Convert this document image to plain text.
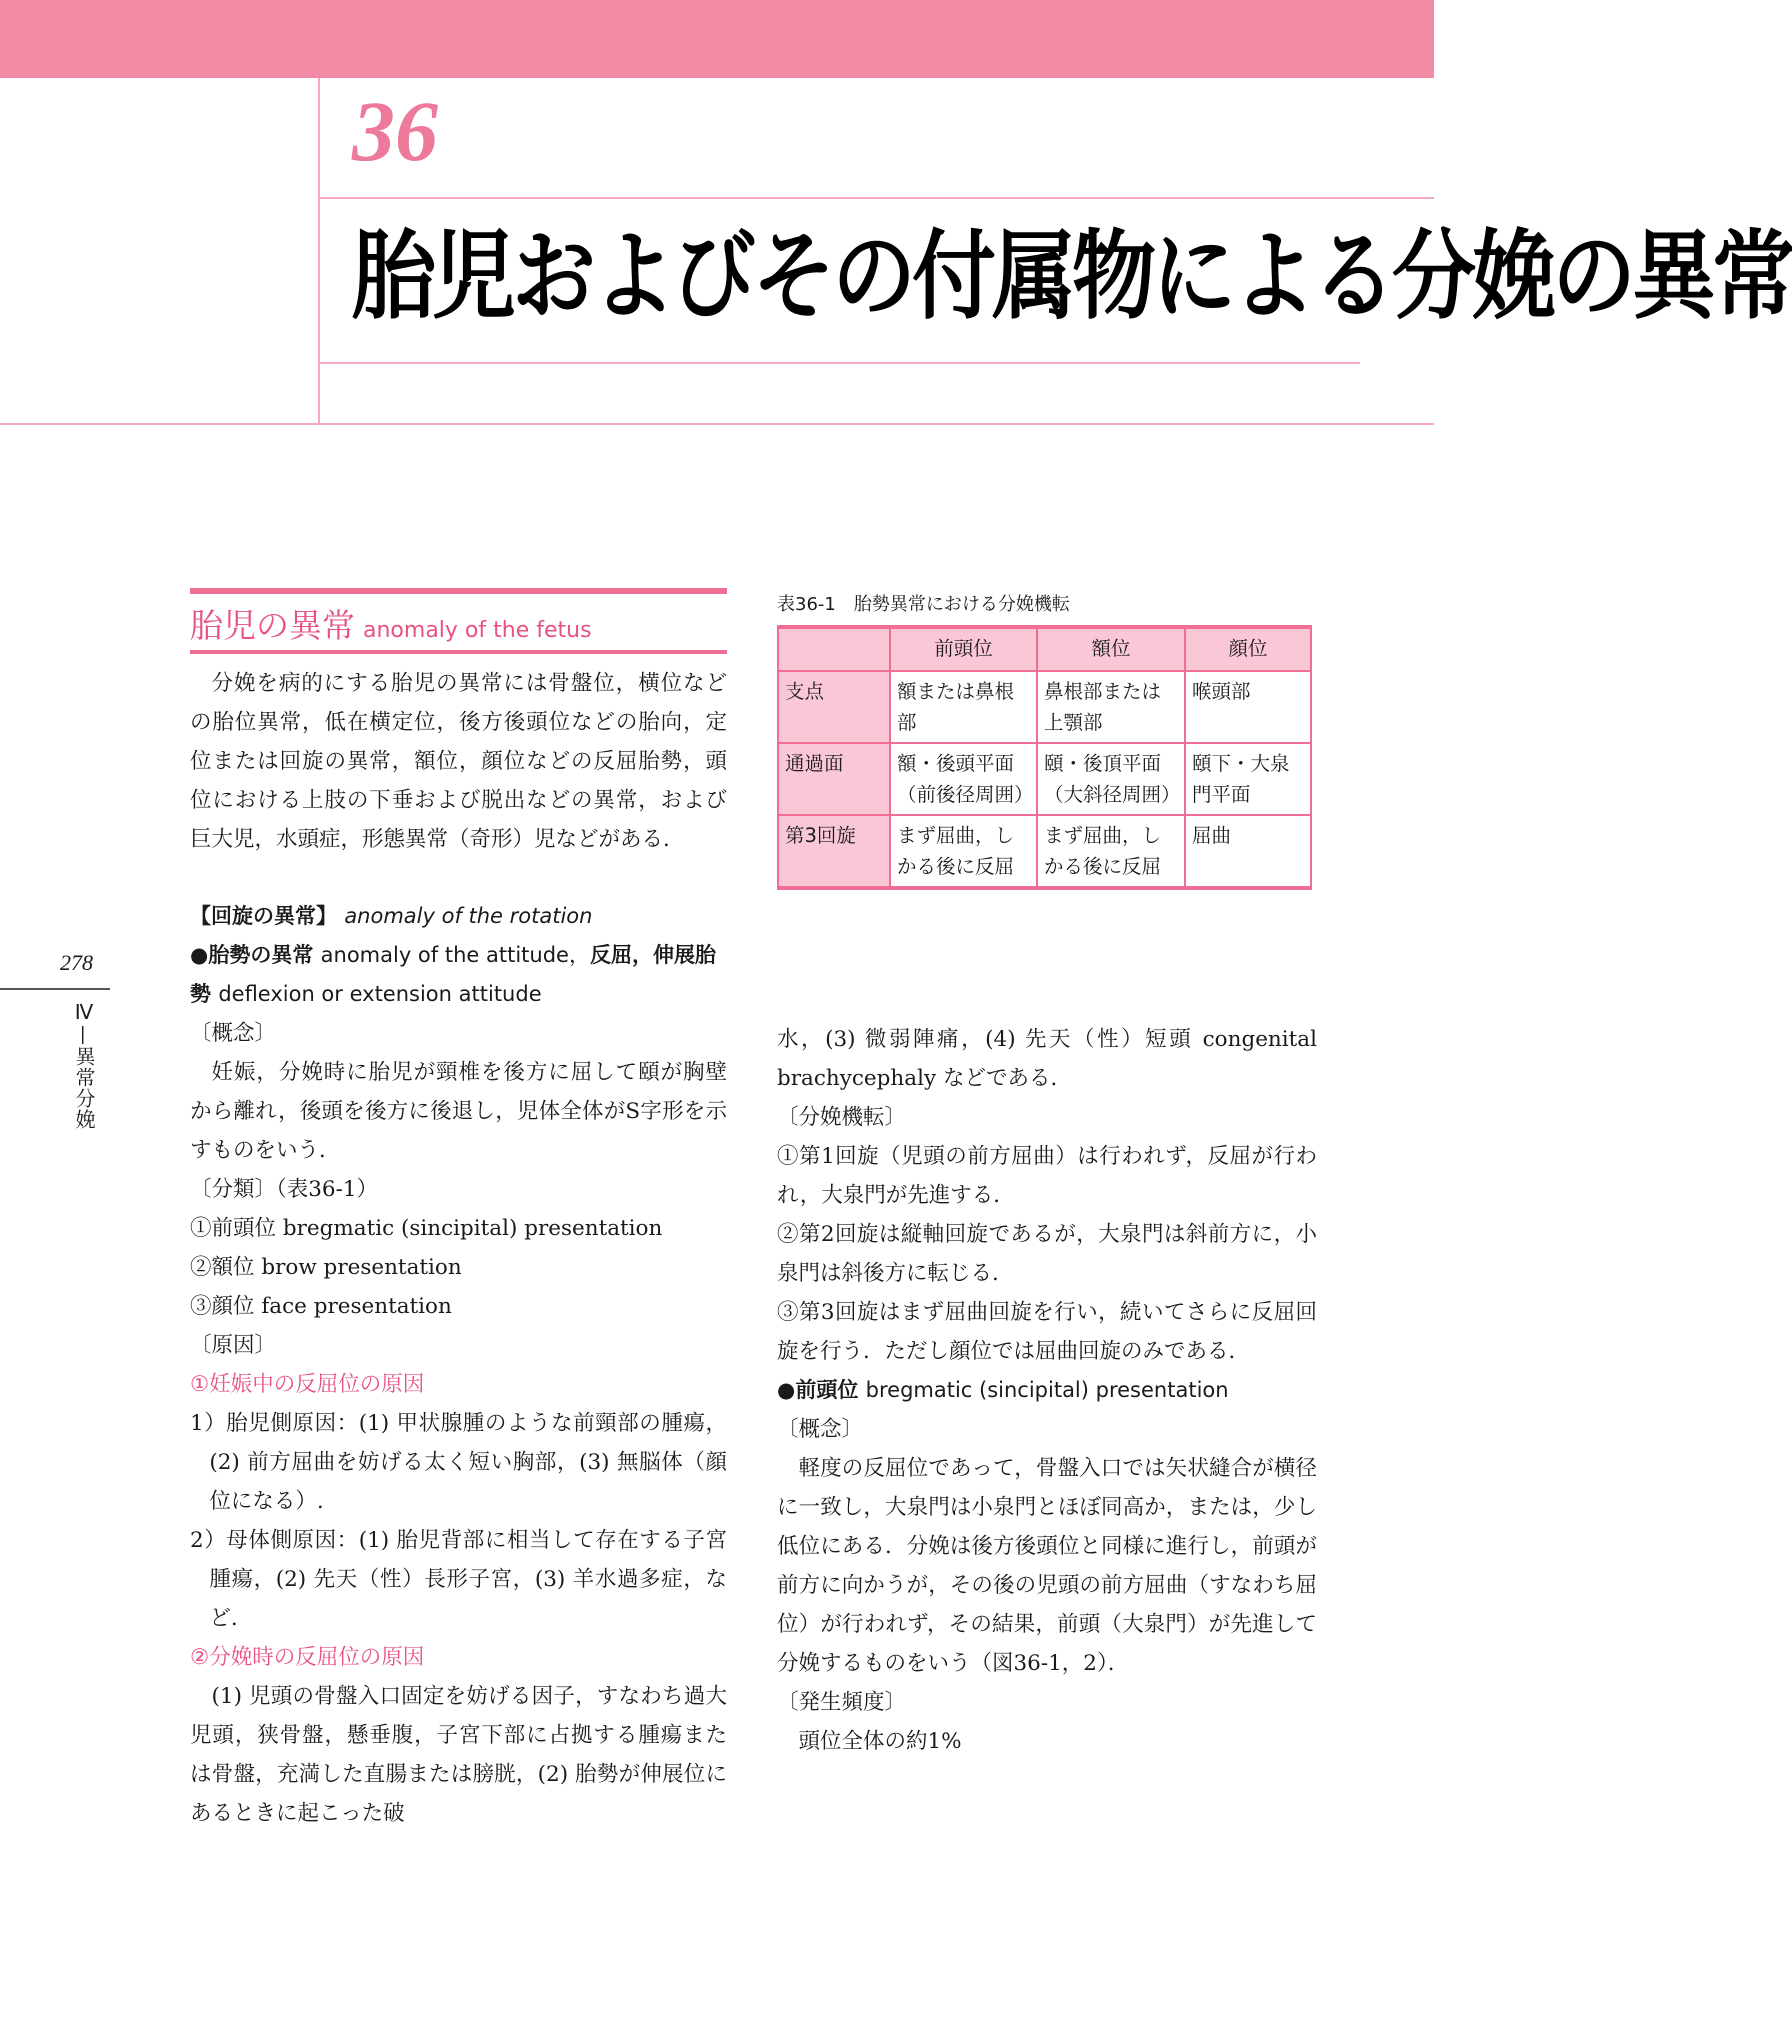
36
胎児およびその付属物による分娩の異常
278
Ⅳ—異常分娩
胎児の異常 anomaly of the fetus

分娩を病的にする胎児の異常には骨盤位，横位などの胎位異常，低在横定位，後方後頭位などの胎向，定位または回旋の異常，額位，顔位などの反屈胎勢，頭位における上肢の下垂および脱出などの異常，および巨大児，水頭症，形態異常（奇形）児などがある．

【回旋の異常】 anomaly of the rotation

●胎勢の異常 anomaly of the attitude，反屈，伸展胎勢 deflexion or extension attitude

〔概念〕

妊娠，分娩時に胎児が頸椎を後方に屈して頤が胸壁から離れ，後頭を後方に後退し，児体全体がS字形を示すものをいう．

〔分類〕（表36-1）

①前頭位 bregmatic (sincipital) presentation

②額位 brow presentation

③顔位 face presentation

〔原因〕

①妊娠中の反屈位の原因

1）胎児側原因：(1) 甲状腺腫のような前頸部の腫瘍，(2) 前方屈曲を妨げる太く短い胸部，(3) 無脳体（顔位になる）.

2）母体側原因：(1) 胎児背部に相当して存在する子宮腫瘍，(2) 先天（性）長形子宮，(3) 羊水過多症，など.

②分娩時の反屈位の原因

(1) 児頭の骨盤入口固定を妨げる因子，すなわち過大児頭，狭骨盤，懸垂腹，子宮下部に占拠する腫瘍または骨盤，充満した直腸または膀胱，(2) 胎勢が伸展位にあるときに起こった破

表36-1　胎勢異常における分娩機転
	前頭位	額位	顔位
支点	額または鼻根部	鼻根部または上顎部	喉頭部
通過面	額・後頭平面（前後径周囲）	頤・後頂平面（大斜径周囲）	頤下・大泉門平面
第3回旋	まず屈曲，しかる後に反屈	まず屈曲，しかる後に反屈	屈曲

水，(3) 微弱陣痛，(4) 先天（性）短頭 congenital brachycephaly などである．

〔分娩機転〕

①第1回旋（児頭の前方屈曲）は行われず，反屈が行われ，大泉門が先進する．

②第2回旋は縦軸回旋であるが，大泉門は斜前方に，小泉門は斜後方に転じる．

③第3回旋はまず屈曲回旋を行い，続いてさらに反屈回旋を行う．ただし顔位では屈曲回旋のみである．

●前頭位 bregmatic (sincipital) presentation

〔概念〕

軽度の反屈位であって，骨盤入口では矢状縫合が横径に一致し，大泉門は小泉門とほぼ同高か，または，少し低位にある．分娩は後方後頭位と同様に進行し，前頭が前方に向かうが，その後の児頭の前方屈曲（すなわち屈位）が行われず，その結果，前頭（大泉門）が先進して分娩するものをいう（図36-1，2）．

〔発生頻度〕

頭位全体の約1%
